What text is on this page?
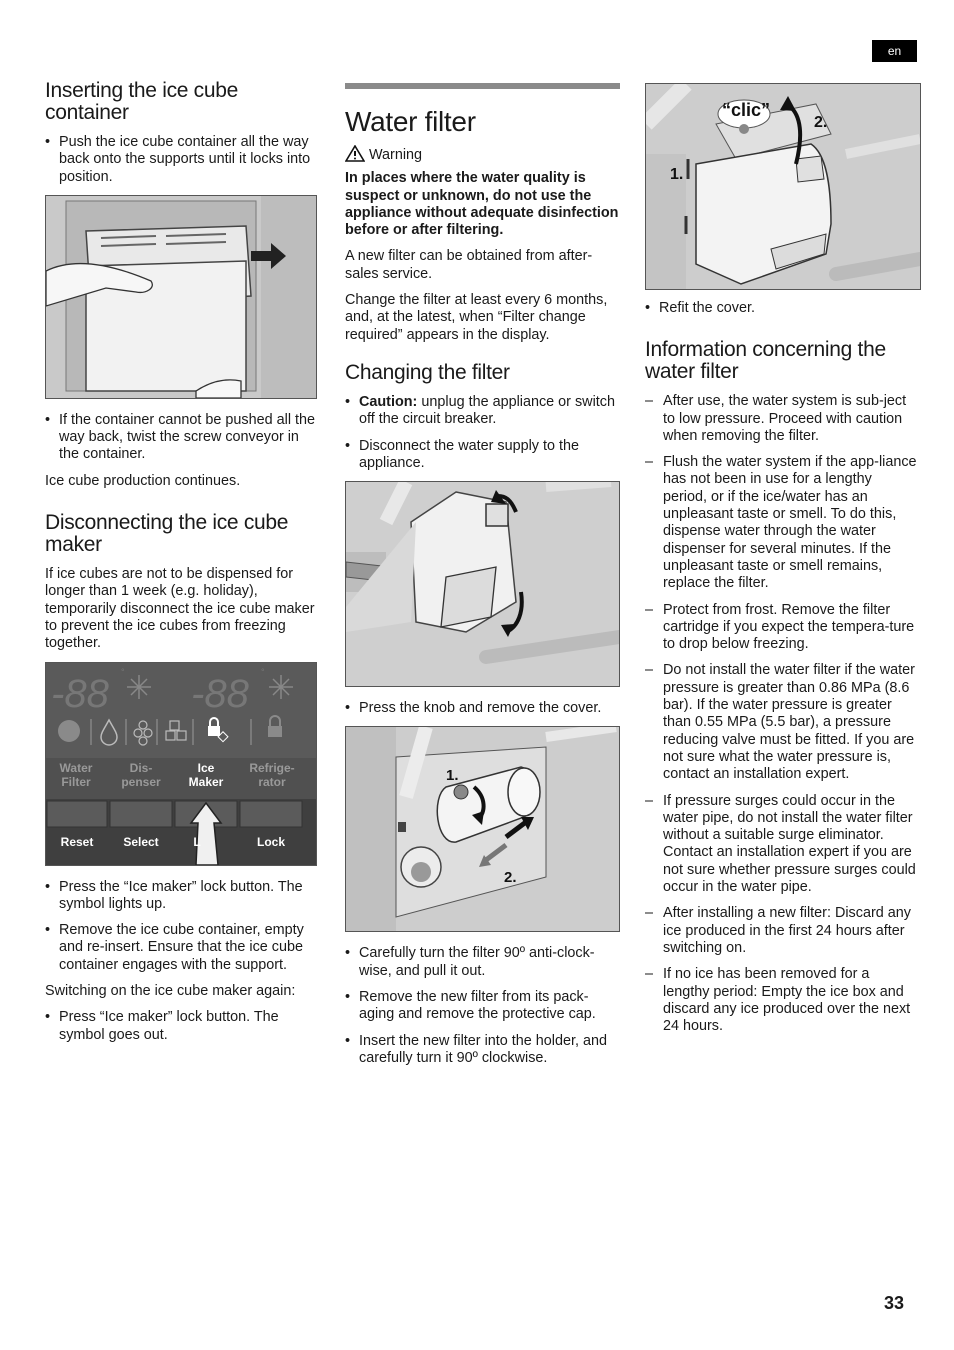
en
Inserting the ice cube container
• Push the ice cube container all the way back onto the supports until it locks into position.
• If the container cannot be pushed all the way back, twist the screw conveyor in the container.

Ice cube production continues.

Disconnecting the ice cube maker

If ice cubes are not to be dispensed for longer than 1 week (e.g. holiday), temporarily disconnect the ice cube maker to prevent the ice cubes from freezing together.

-88 ° -88 °
Water Filter
Dis- penser
Ice Maker
Refrige- rator
Reset	Select	L	Lock
• Press the “Ice maker” lock button. The symbol lights up.
• Remove the ice cube container, empty and re-insert. Ensure that the ice cube container engages with the support.

Switching on the ice cube maker again:

• Press “Ice maker” lock button. The symbol goes out.
Water filter

Warning

In places where the water quality is suspect or unknown, do not use the appliance without adequate disinfection before or after filtering.

A new filter can be obtained from after-sales service.

Change the filter at least every 6 months, and, at the latest, when “Filter change required” appears in the display.

Changing the filter
• Caution: unplug the appliance or switch off the circuit breaker.
• Disconnect the water supply to the appliance.
• Press the knob and remove the cover.
1.
2.
• Carefully turn the filter 90º anti-clock-wise, and pull it out.
• Remove the new filter from its pack-aging and remove the protective cap.
• Insert the new filter into the holder, and carefully turn it 90º clockwise.
“clic”
1.
2.
• Refit the cover.
Information concerning the water filter
– After use, the water system is sub-ject to low pressure. Proceed with caution when removing the filter.
– Flush the water system if the app-liance has not been in use for a lengthy period, or if the ice/water has an unpleasant taste or smell. To do this, dispense water through the water dispenser for several minutes. If the unpleasant taste or smell remains, replace the filter.
– Protect from frost. Remove the filter cartridge if you expect the tempera-ture to drop below freezing.
– Do not install the water filter if the water pressure is greater than 0.86 MPa (8.6 bar). If the water pressure is greater than 0.55 MPa (5.5 bar), a pressure reducing valve must be fitted. If you are not sure what the water pressure is, contact an installation expert.
– If pressure surges could occur in the water pipe, do not install the water filter without a suitable surge eliminator. Contact an installation expert if you are not sure whether pressure surges could occur in the water pipe.
– After installing a new filter: Discard any ice produced in the first 24 hours after switching on.
– If no ice has been removed for a lengthy period: Empty the ice box and discard any ice produced over the next 24 hours.
33
